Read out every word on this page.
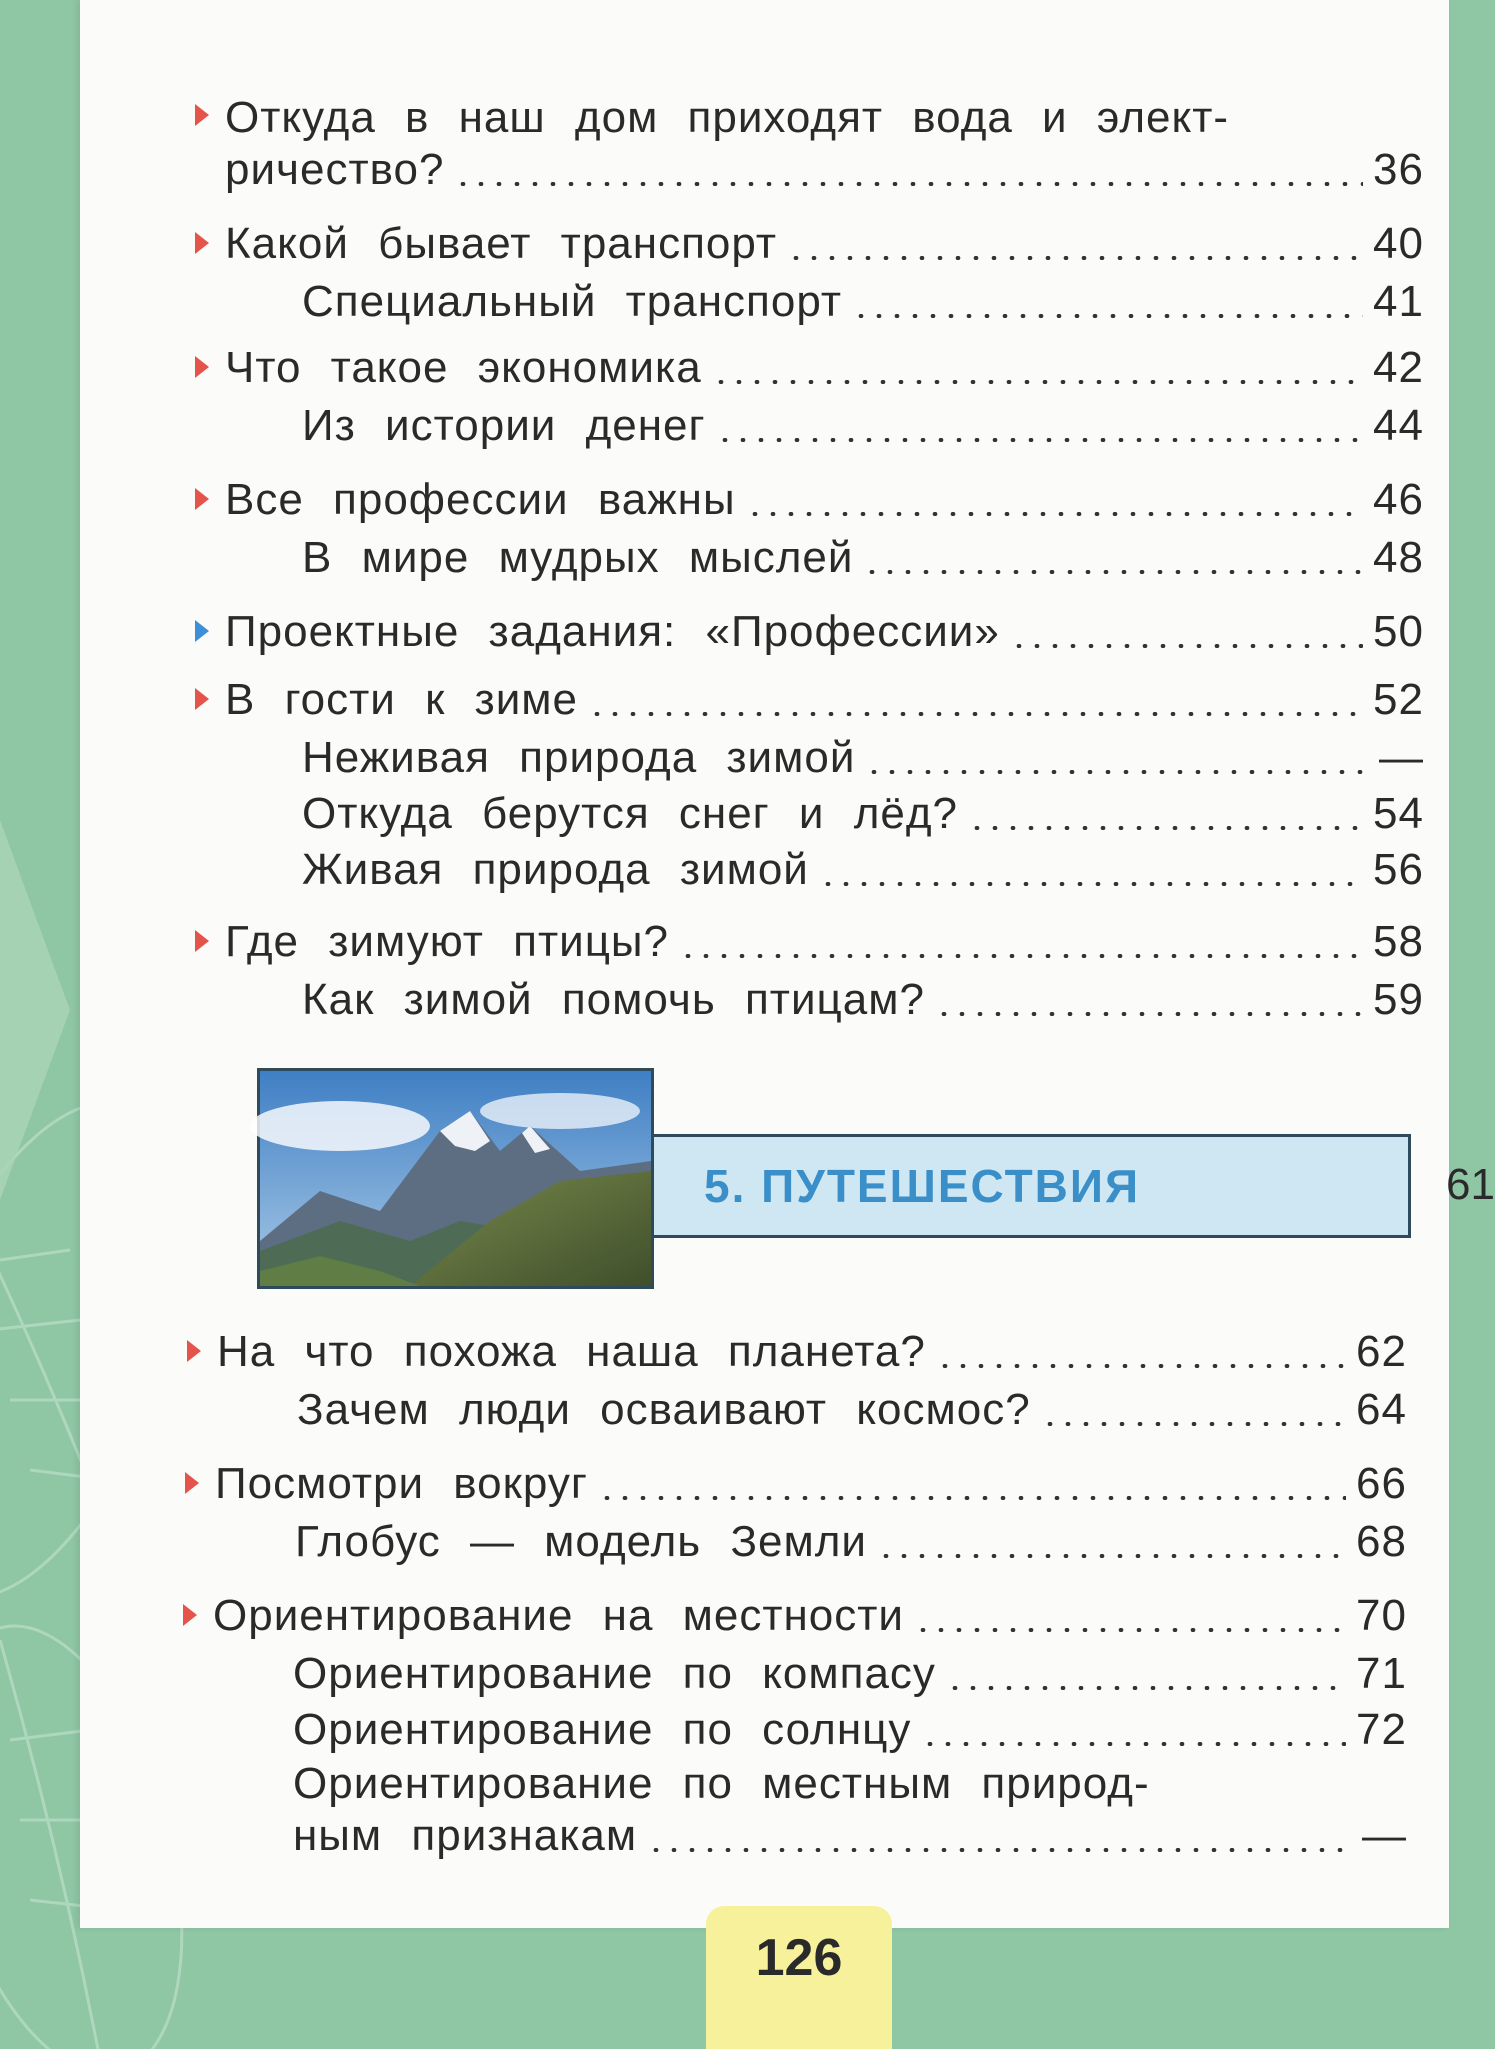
Откуда в наш дом приходят вода и элект-
ричество?	36
Какой бывает транспорт	40
Специальный транспорт	41
Что такое экономика	42
Из истории денег	44
Все профессии важны	46
В мире мудрых мыслей	48
Проектные задания: «Профессии»	50
В гости к зиме	52
Неживая природа зимой	—
Откуда берутся снег и лёд?	54
Живая природа зимой	56
Где зимуют птицы?	58
Как зимой помочь птицам?	59
5. ПУТЕШЕСТВИЯ	61
На что похожа наша планета?	62
Зачем люди осваивают космос?	64
Посмотри вокруг	66
Глобус — модель Земли	68
Ориентирование на местности	70
Ориентирование по компасу	71
Ориентирование по солнцу	72
Ориентирование по местным природ-
ным признакам	—
126
